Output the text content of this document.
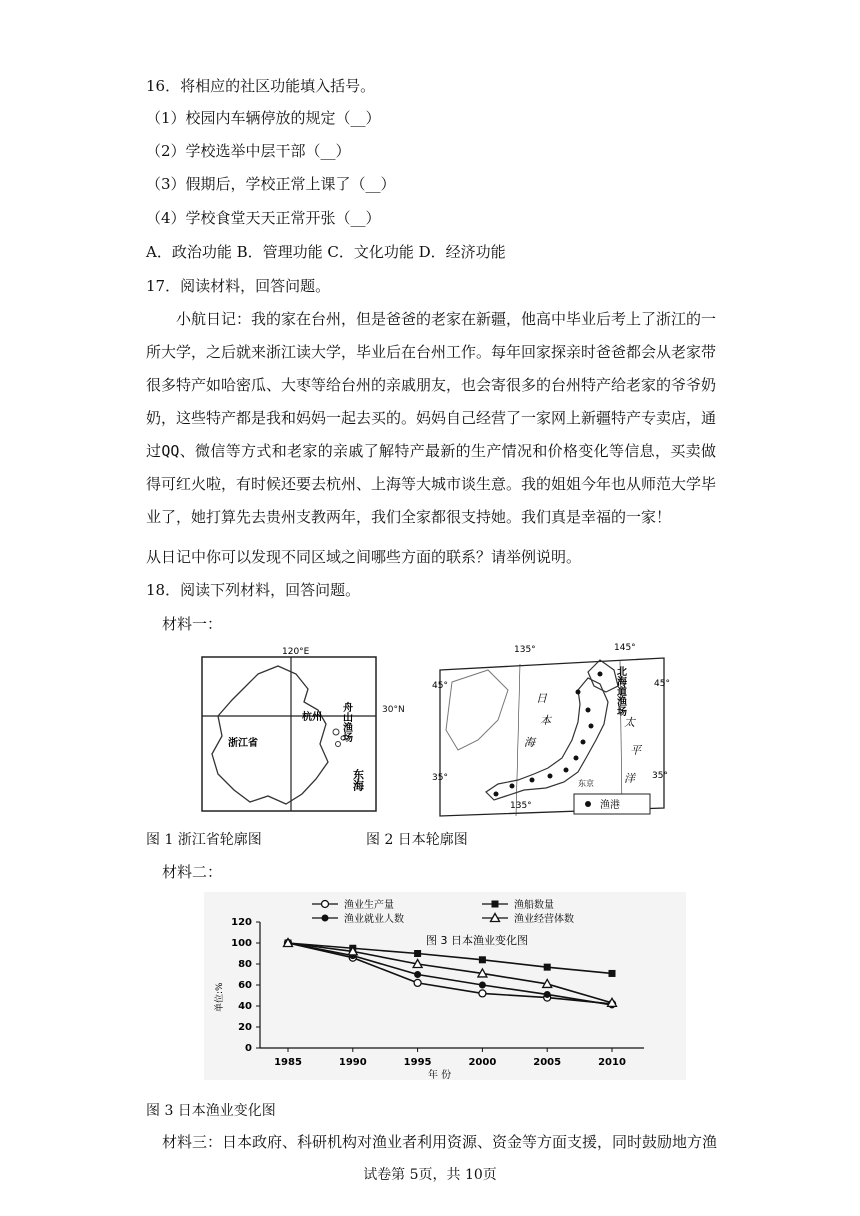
16．将相应的社区功能填入括号。
（1）校园内车辆停放的规定（__）
（2）学校选举中层干部（__）
（3）假期后，学校正常上课了（__）
（4）学校食堂天天正常开张（__）
A．政治功能 B．管理功能 C．文化功能 D．经济功能
17．阅读材料，回答问题。
小航日记：我的家在台州，但是爸爸的老家在新疆，他高中毕业后考上了浙江的一所大学，之后就来浙江读大学，毕业后在台州工作。每年回家探亲时爸爸都会从老家带很多特产如哈密瓜、大枣等给台州的亲戚朋友，也会寄很多的台州特产给老家的爷爷奶奶，这些特产都是我和妈妈一起去买的。妈妈自己经营了一家网上新疆特产专卖店，通过QQ、微信等方式和老家的亲戚了解特产最新的生产情况和价格变化等信息，买卖做得可红火啦，有时候还要去杭州、上海等大城市谈生意。我的姐姐今年也从师范大学毕业了，她打算先去贵州支教两年，我们全家都很支持她。我们真是幸福的一家！
从日记中你可以发现不同区域之间哪些方面的联系？请举例说明。
18．阅读下列材料，回答问题。
材料一：
120°E
浙江省
杭州 舟山渔场
东海
30°N
135°	145°
45°	45°
35°	35°
135°
日
本
海
太
平
洋
北海道渔场
东京
渔港
图 1 浙江省轮廓图	图 2 日本轮廓图
材料二：
渔业生产量	渔船数量
渔业就业人数	渔业经营体数
图 3 日本渔业变化图
0
20
40
60
80
100
120
1985	1990	1995	2000	2005	2010
单位:%
年 份
图 3 日本渔业变化图
材料三：日本政府、科研机构对渔业者利用资源、资金等方面支援，同时鼓励地方渔
试卷第 5页，共 10页
